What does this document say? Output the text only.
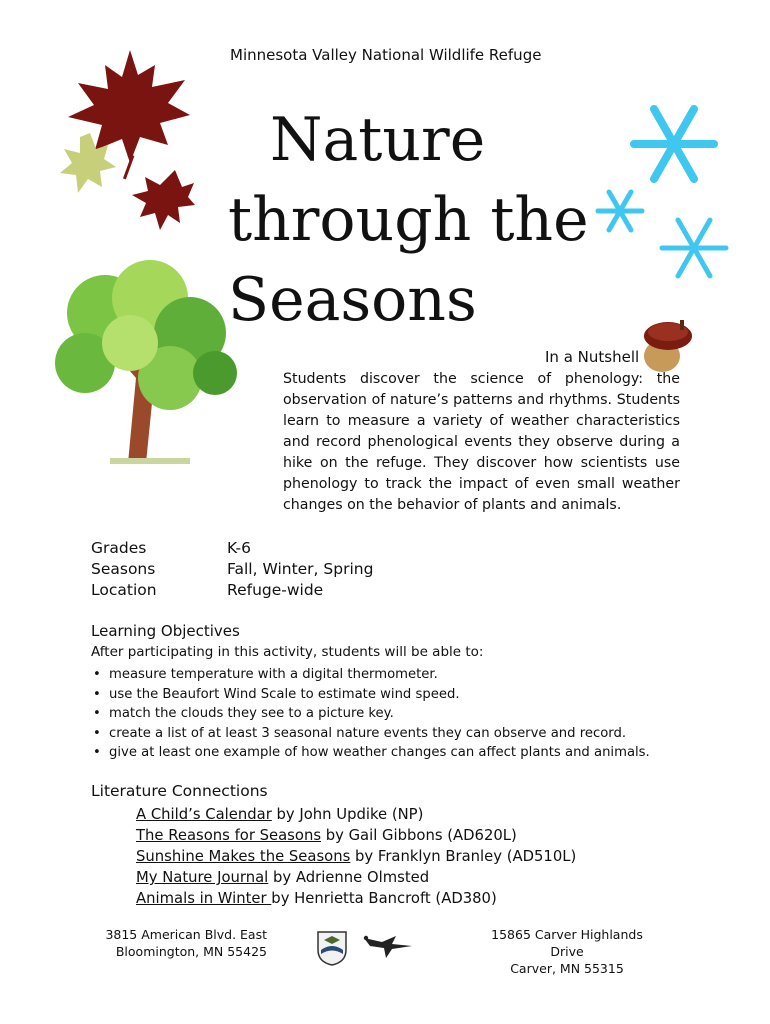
Minnesota Valley National Wildlife Refuge
Nature
through the
Seasons
In a Nutshell
Students discover the science of phenology: the observation of nature’s patterns and rhythms. Students learn to measure a variety of weather characteristics and record phenological events they observe during a hike on the refuge. They discover how scientists use phenology to track the impact of even small weather changes on the behavior of plants and animals.
Grades	K-6
Seasons	Fall, Winter, Spring
Location	Refuge-wide
Learning Objectives
After participating in this activity, students will be able to:
• measure temperature with a digital thermometer.
• use the Beaufort Wind Scale to estimate wind speed.
• match the clouds they see to a picture key.
• create a list of at least 3 seasonal nature events they can observe and record.
• give at least one example of how weather changes can affect plants and animals.
Literature Connections
A Child’s Calendar by John Updike (NP)
The Reasons for Seasons by Gail Gibbons (AD620L)
Sunshine Makes the Seasons by Franklyn Branley (AD510L)
My Nature Journal by Adrienne Olmsted
Animals in Winter by Henrietta Bancroft (AD380)
3815 American Blvd. East
Bloomington, MN 55425
15865 Carver Highlands Drive
Carver, MN 55315
